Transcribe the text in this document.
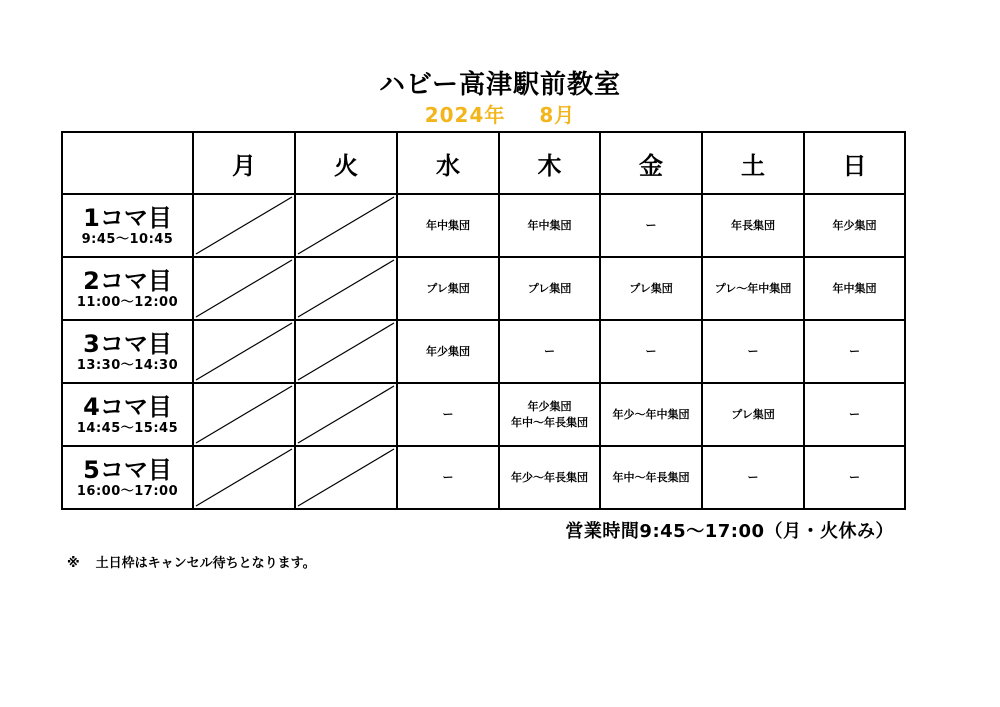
ハビー高津駅前教室
2024年 8月
	月	火	水	木	金	土	日

1コマ目
9:45〜10:45			年中集団	年中集団	ー	年長集団	年少集団

2コマ目
11:00〜12:00			プレ集団	プレ集団	プレ集団	プレ〜年中集団	年中集団

3コマ目
13:30〜14:30			年少集団	ー	ー	ー	ー

4コマ目
14:45〜15:45			ー	年少集団
年中〜年長集団	年少〜年中集団	プレ集団	ー

5コマ目
16:00〜17:00			ー	年少〜年長集団	年中〜年長集団	ー	ー
営業時間9:45〜17:00（月・火休み）
※ 土日枠はキャンセル待ちとなります。
